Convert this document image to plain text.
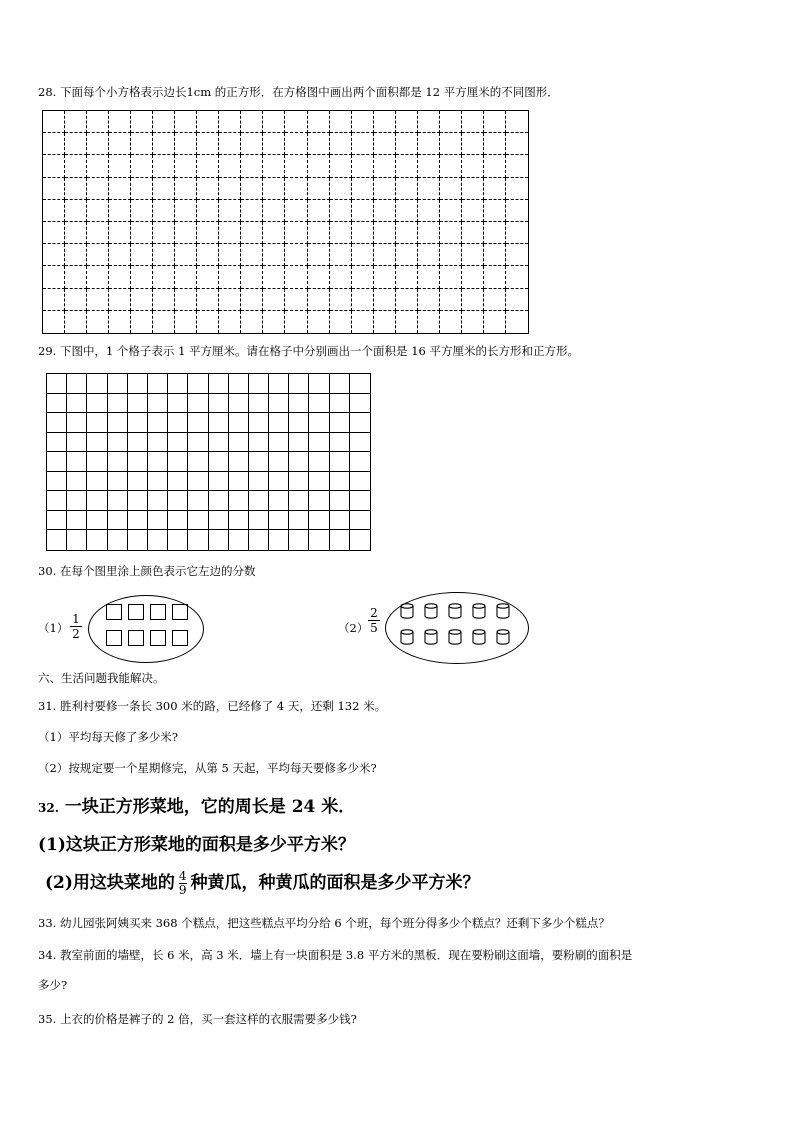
28. 下面每个小方格表示边长1cm 的正方形．在方格图中画出两个面积都是 12 平方厘米的不同图形．
29. 下图中，1 个格子表示 1 平方厘米。请在格子中分别画出一个面积是 16 平方厘米的长方形和正方形。
30. 在每个图里涂上颜色表示它左边的分数
$(1) \frac{1}{2}$	$(2) \frac{2}{5}$
六、生活问题我能解决。
31. 胜利村要修一条长 300 米的路，已经修了 4 天，还剩 132 米。
（1）平均每天修了多少米?
（2）按规定要一个星期修完，从第 5 天起，平均每天要修多少米?
32. 一块正方形菜地，它的周长是 24 米．
(1)这块正方形菜地的面积是多少平方米？
(2)用这块菜地的 $\frac{4}{9}$ 种黄瓜，种黄瓜的面积是多少平方米？
33. 幼儿园张阿姨买来 368 个糕点，把这些糕点平均分给 6 个班，每个班分得多少个糕点？还剩下多少个糕点？
34. 教室前面的墙壁，长 6 米，高 3 米．墙上有一块面积是 3.8 平方米的黑板．现在要粉刷这面墙，要粉刷的面积是
多少?
35. 上衣的价格是裤子的 2 倍，买一套这样的衣服需要多少钱?
